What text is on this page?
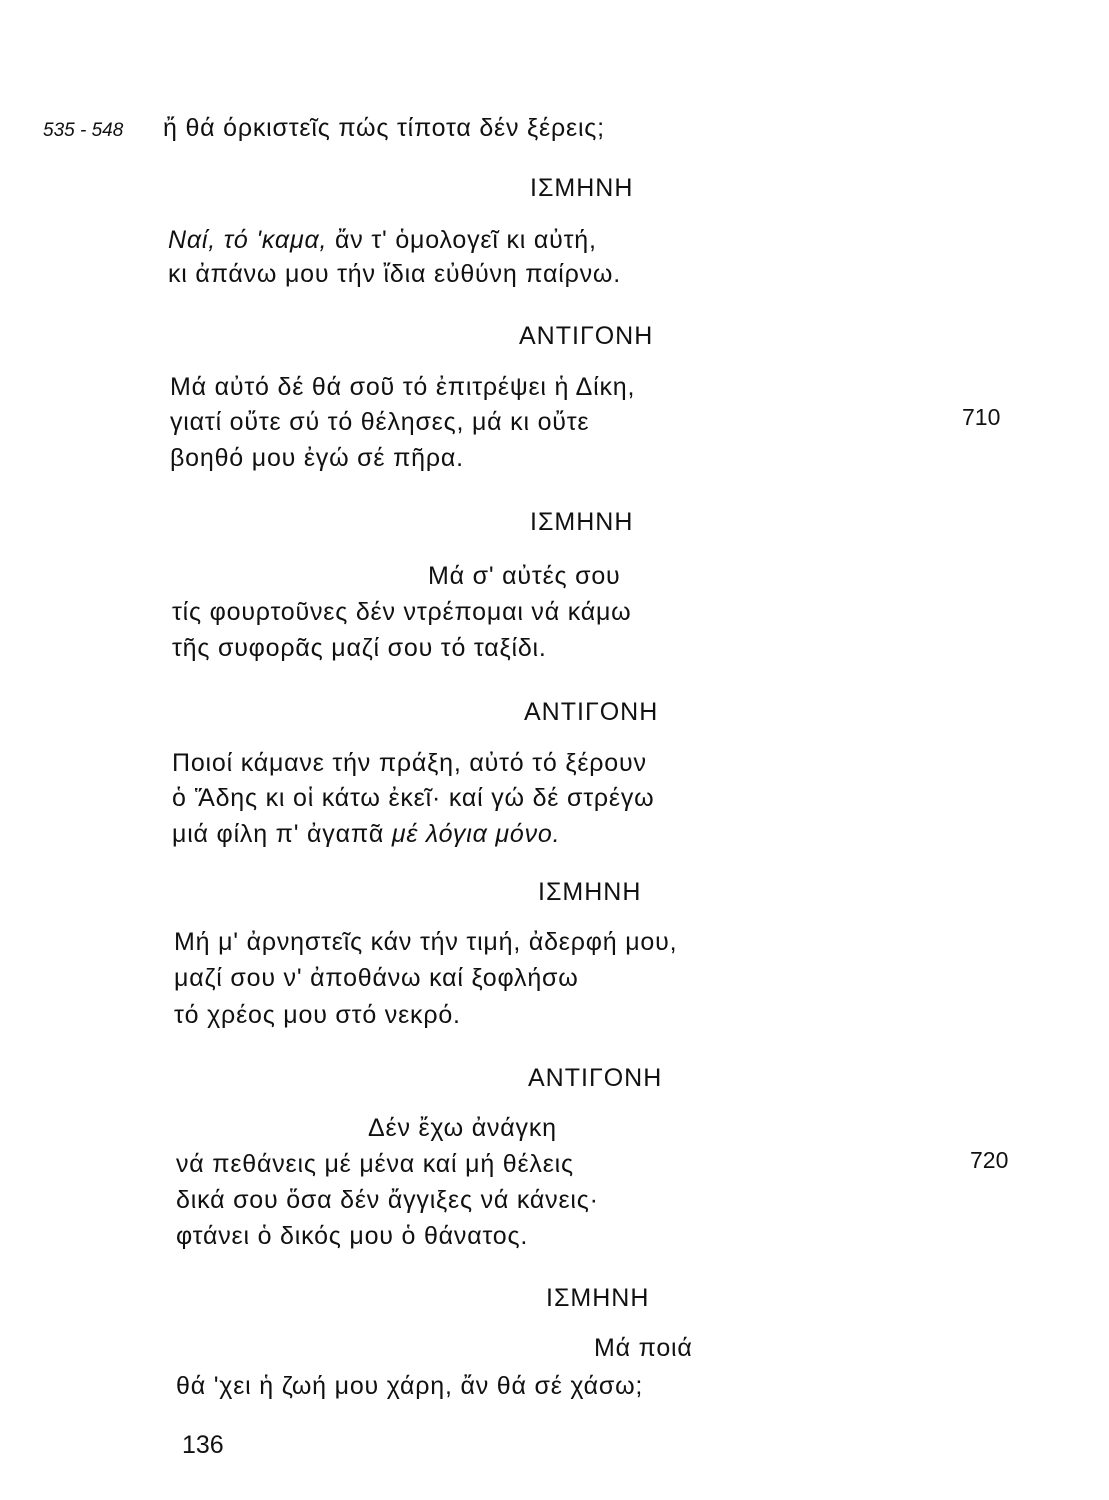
535 - 548 ἤ θά όρκιστεῖς πώς τίποτα δέν ξέρεις;
ΙΣΜΗΝΗ
Ναί, τό 'καμα, ἄν τ' ὁμολογεῖ κι αὐτή,
κι ἀπάνω μου τήν ἴδια εὐθύνη παίρνω.
ΑΝΤΙΓΟΝΗ
Μά αὐτό δέ θά σοῦ τό ἐπιτρέψει ἡ Δίκη,
γιατί οὔτε σύ τό θέλησες, μά κι οὔτε	710
βοηθό μου ἐγώ σέ πῆρα.
ΙΣΜΗΝΗ
Μά σ' αὐτές σου
τίς φουρτοῦνες δέν ντρέπομαι νά κάμω
τῆς συφορᾶς μαζί σου τό ταξίδι.
ΑΝΤΙΓΟΝΗ
Ποιοί κάμανε τήν πράξη, αὐτό τό ξέρουν
ὁ Ἅδης κι οἱ κάτω ἐκεῖ· καί γώ δέ στρέγω
μιά φίλη π' ἀγαπᾶ μέ λόγια μόνο.
ΙΣΜΗΝΗ
Μή μ' ἀρνηστεῖς κάν τήν τιμή, ἀδερφή μου,
μαζί σου ν' ἀποθάνω καί ξοφλήσω
τό χρέος μου στό νεκρό.
ΑΝΤΙΓΟΝΗ
Δέν ἔχω ἀνάγκη
νά πεθάνεις μέ μένα καί μή θέλεις	720
δικά σου ὅσα δέν ἄγγιξες νά κάνεις·
φτάνει ὁ δικός μου ὁ θάνατος.
ΙΣΜΗΝΗ
Μά ποιά
θά 'χει ἡ ζωή μου χάρη, ἄν θά σέ χάσω;
136
